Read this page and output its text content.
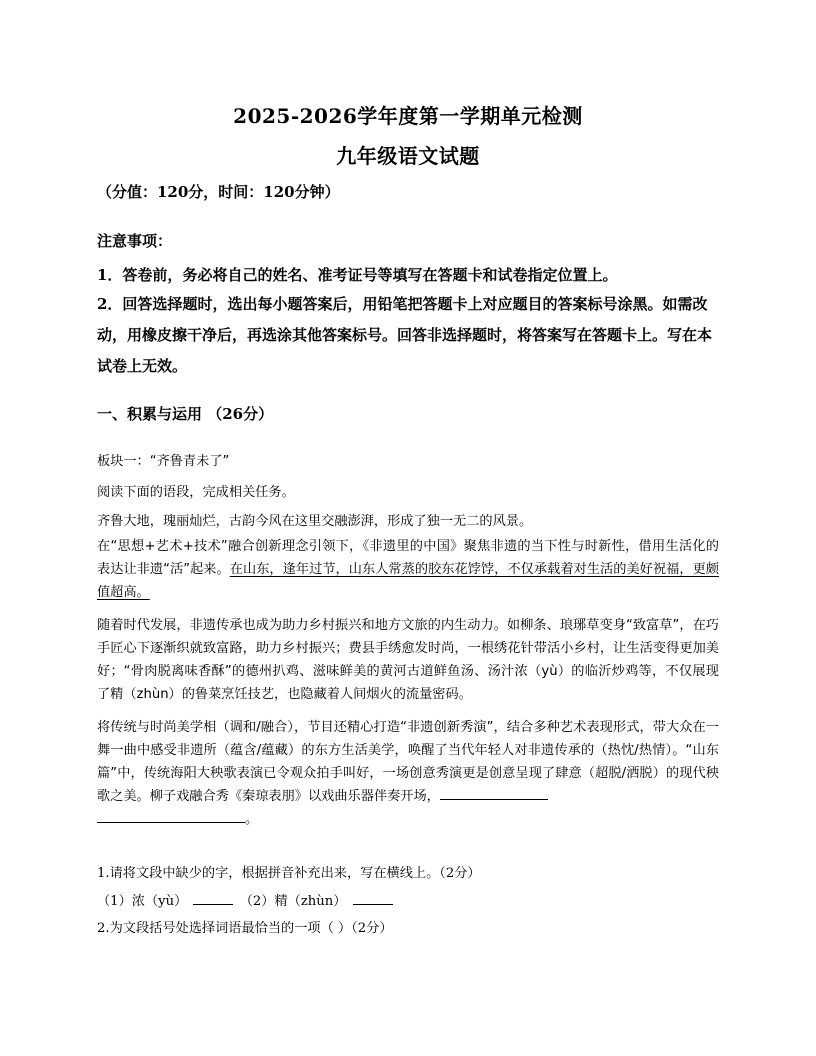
2025-2026学年度第一学期单元检测
九年级语文试题
（分值：120分，时间：120分钟）
注意事项：
1．答卷前，务必将自己的姓名、准考证号等填写在答题卡和试卷指定位置上。
2．回答选择题时，选出每小题答案后，用铅笔把答题卡上对应题目的答案标号涂黑。如需改动，用橡皮擦干净后，再选涂其他答案标号。回答非选择题时，将答案写在答题卡上。写在本试卷上无效。
一、积累与运用 （26分）
板块一：“齐鲁青未了”
阅读下面的语段，完成相关任务。
齐鲁大地，瑰丽灿烂，古韵今风在这里交融澎湃，形成了独一无二的风景。
在“思想+艺术+技术”融合创新理念引领下，《非遗里的中国》聚焦非遗的当下性与时新性，借用生活化的表达让非遗“活”起来。在山东，逢年过节，山东人常蒸的胶东花饽饽，不仅承载着对生活的美好祝福，更颇值超高。
随着时代发展，非遗传承也成为助力乡村振兴和地方文旅的内生动力。如柳条、琅琊草变身“致富草”，在巧手匠心下逐渐织就致富路，助力乡村振兴；费县手绣愈发时尚，一根绣花针带活小乡村，让生活变得更加美好；“骨肉脱离味香酥”的德州扒鸡、滋味鲜美的黄河古道鲜鱼汤、汤汁浓（yù）的临沂炒鸡等，不仅展现了精（zhùn）的鲁菜烹饪技艺，也隐藏着人间烟火的流量密码。
将传统与时尚美学相（调和/融合），节目还精心打造“非遗创新秀演”，结合多种艺术表现形式，带大众在一舞一曲中感受非遗所（蕴含/蕴藏）的东方生活美学，唤醒了当代年轻人对非遗传承的（热忱/热情）。“山东篇”中，传统海阳大秧歌表演已令观众拍手叫好，一场创意秀演更是创意呈现了肆意（超脱/洒脱）的现代秧歌之美。柳子戏融合秀《秦琼表朋》以戏曲乐器伴奏开场，
。
1.请将文段中缺少的字，根据拼音补充出来，写在横线上。（2分）
（1）浓（yù）	（2）精（zhùn）
2.为文段括号处选择词语最恰当的一项（ ）（2分）
